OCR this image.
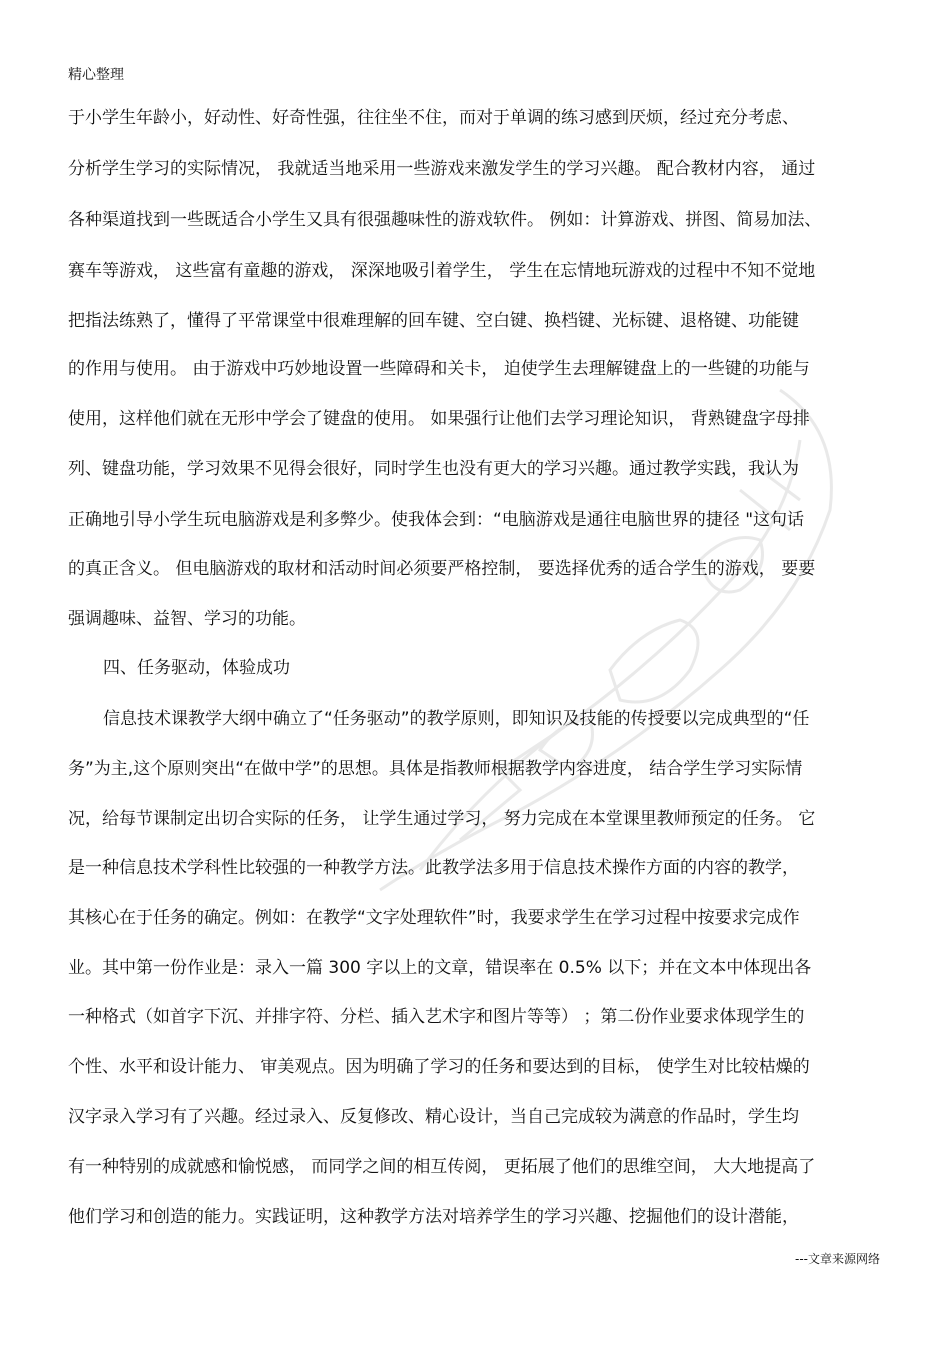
精心整理
于小学生年龄小，好动性、好奇性强，往往坐不住，而对于单调的练习感到厌烦，经过充分考虑、
分析学生学习的实际情况， 我就适当地采用一些游戏来激发学生的学习兴趣。 配合教材内容， 通过
各种渠道找到一些既适合小学生又具有很强趣味性的游戏软件。 例如：计算游戏、拼图、简易加法、
赛车等游戏， 这些富有童趣的游戏， 深深地吸引着学生， 学生在忘情地玩游戏的过程中不知不觉地
把指法练熟了，懂得了平常课堂中很难理解的回车键、空白键、换档键、光标键、退格键、功能键
的作用与使用。 由于游戏中巧妙地设置一些障碍和关卡， 迫使学生去理解键盘上的一些键的功能与
使用，这样他们就在无形中学会了键盘的使用。 如果强行让他们去学习理论知识， 背熟键盘字母排
列、键盘功能，学习效果不见得会很好，同时学生也没有更大的学习兴趣。通过教学实践，我认为
正确地引导小学生玩电脑游戏是利多弊少。使我体会到：“电脑游戏是通往电脑世界的捷径 "这句话
的真正含义。 但电脑游戏的取材和活动时间必须要严格控制， 要选择优秀的适合学生的游戏， 要要
强调趣味、益智、学习的功能。
四、任务驱动，体验成功
信息技术课教学大纲中确立了“任务驱动”的教学原则，即知识及技能的传授要以完成典型的“任
务”为主,这个原则突出“在做中学”的思想。具体是指教师根据教学内容进度， 结合学生学习实际情
况，给每节课制定出切合实际的任务， 让学生通过学习， 努力完成在本堂课里教师预定的任务。 它
是一种信息技术学科性比较强的一种教学方法。此教学法多用于信息技术操作方面的内容的教学，
其核心在于任务的确定。例如：在教学“文字处理软件”时，我要求学生在学习过程中按要求完成作
业。其中第一份作业是：录入一篇 300 字以上的文章，错误率在 0.5% 以下；并在文本中体现出各
一种格式（如首字下沉、并排字符、分栏、插入艺术字和图片等等） ；第二份作业要求体现学生的
个性、水平和设计能力、 审美观点。因为明确了学习的任务和要达到的目标， 使学生对比较枯燥的
汉字录入学习有了兴趣。经过录入、反复修改、精心设计，当自己完成较为满意的作品时，学生均
有一种特别的成就感和愉悦感， 而同学之间的相互传阅， 更拓展了他们的思维空间， 大大地提高了
他们学习和创造的能力。实践证明，这种教学方法对培养学生的学习兴趣、挖掘他们的设计潜能，
---文章来源网络
